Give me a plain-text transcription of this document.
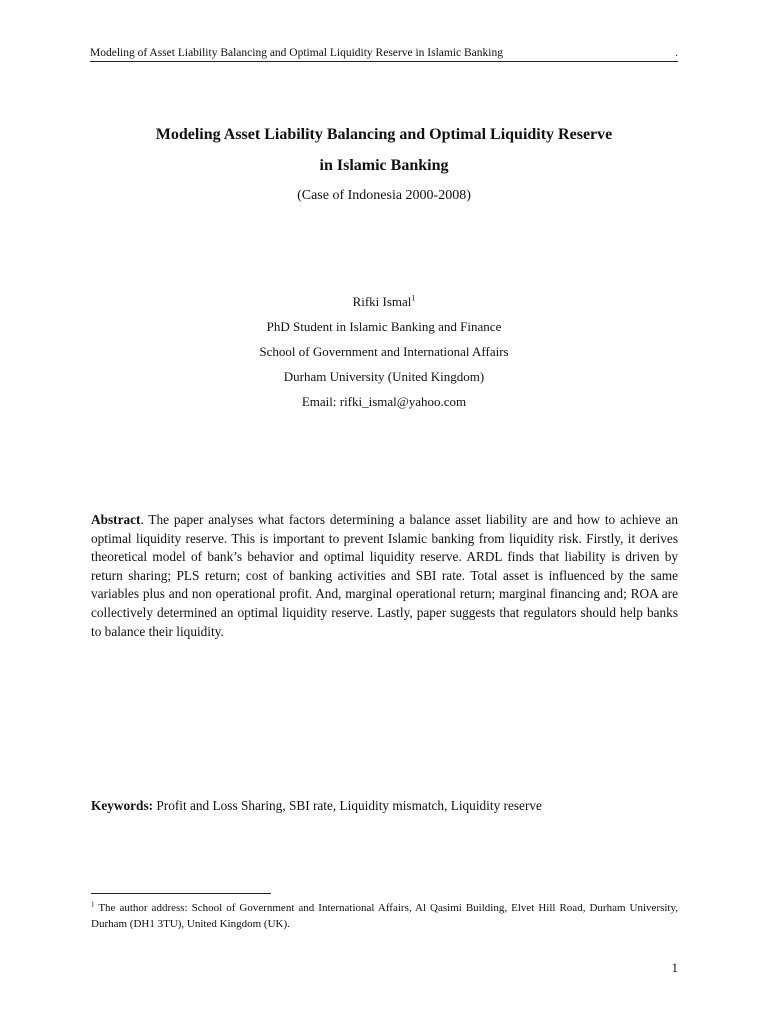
Modeling of Asset Liability Balancing and Optimal Liquidity Reserve in Islamic Banking	.
Modeling Asset Liability Balancing and Optimal Liquidity Reserve
in Islamic Banking
(Case of Indonesia 2000-2008)
Rifki Ismal$^1$
PhD Student in Islamic Banking and Finance
School of Government and International Affairs
Durham University (United Kingdom)
Email: rifki_ismal@yahoo.com
Abstract. The paper analyses what factors determining a balance asset liability are and how to achieve an optimal liquidity reserve. This is important to prevent Islamic banking from liquidity risk. Firstly, it derives theoretical model of bank’s behavior and optimal liquidity reserve. ARDL finds that liability is driven by return sharing; PLS return; cost of banking activities and SBI rate. Total asset is influenced by the same variables plus and non operational profit. And, marginal operational return; marginal financing and; ROA are collectively determined an optimal liquidity reserve. Lastly, paper suggests that regulators should help banks to balance their liquidity.
Keywords: Profit and Loss Sharing, SBI rate, Liquidity mismatch, Liquidity reserve
$^1$ The author address: School of Government and International Affairs, Al Qasimi Building, Elvet Hill Road, Durham University, Durham (DH1 3TU), United Kingdom (UK).
1
